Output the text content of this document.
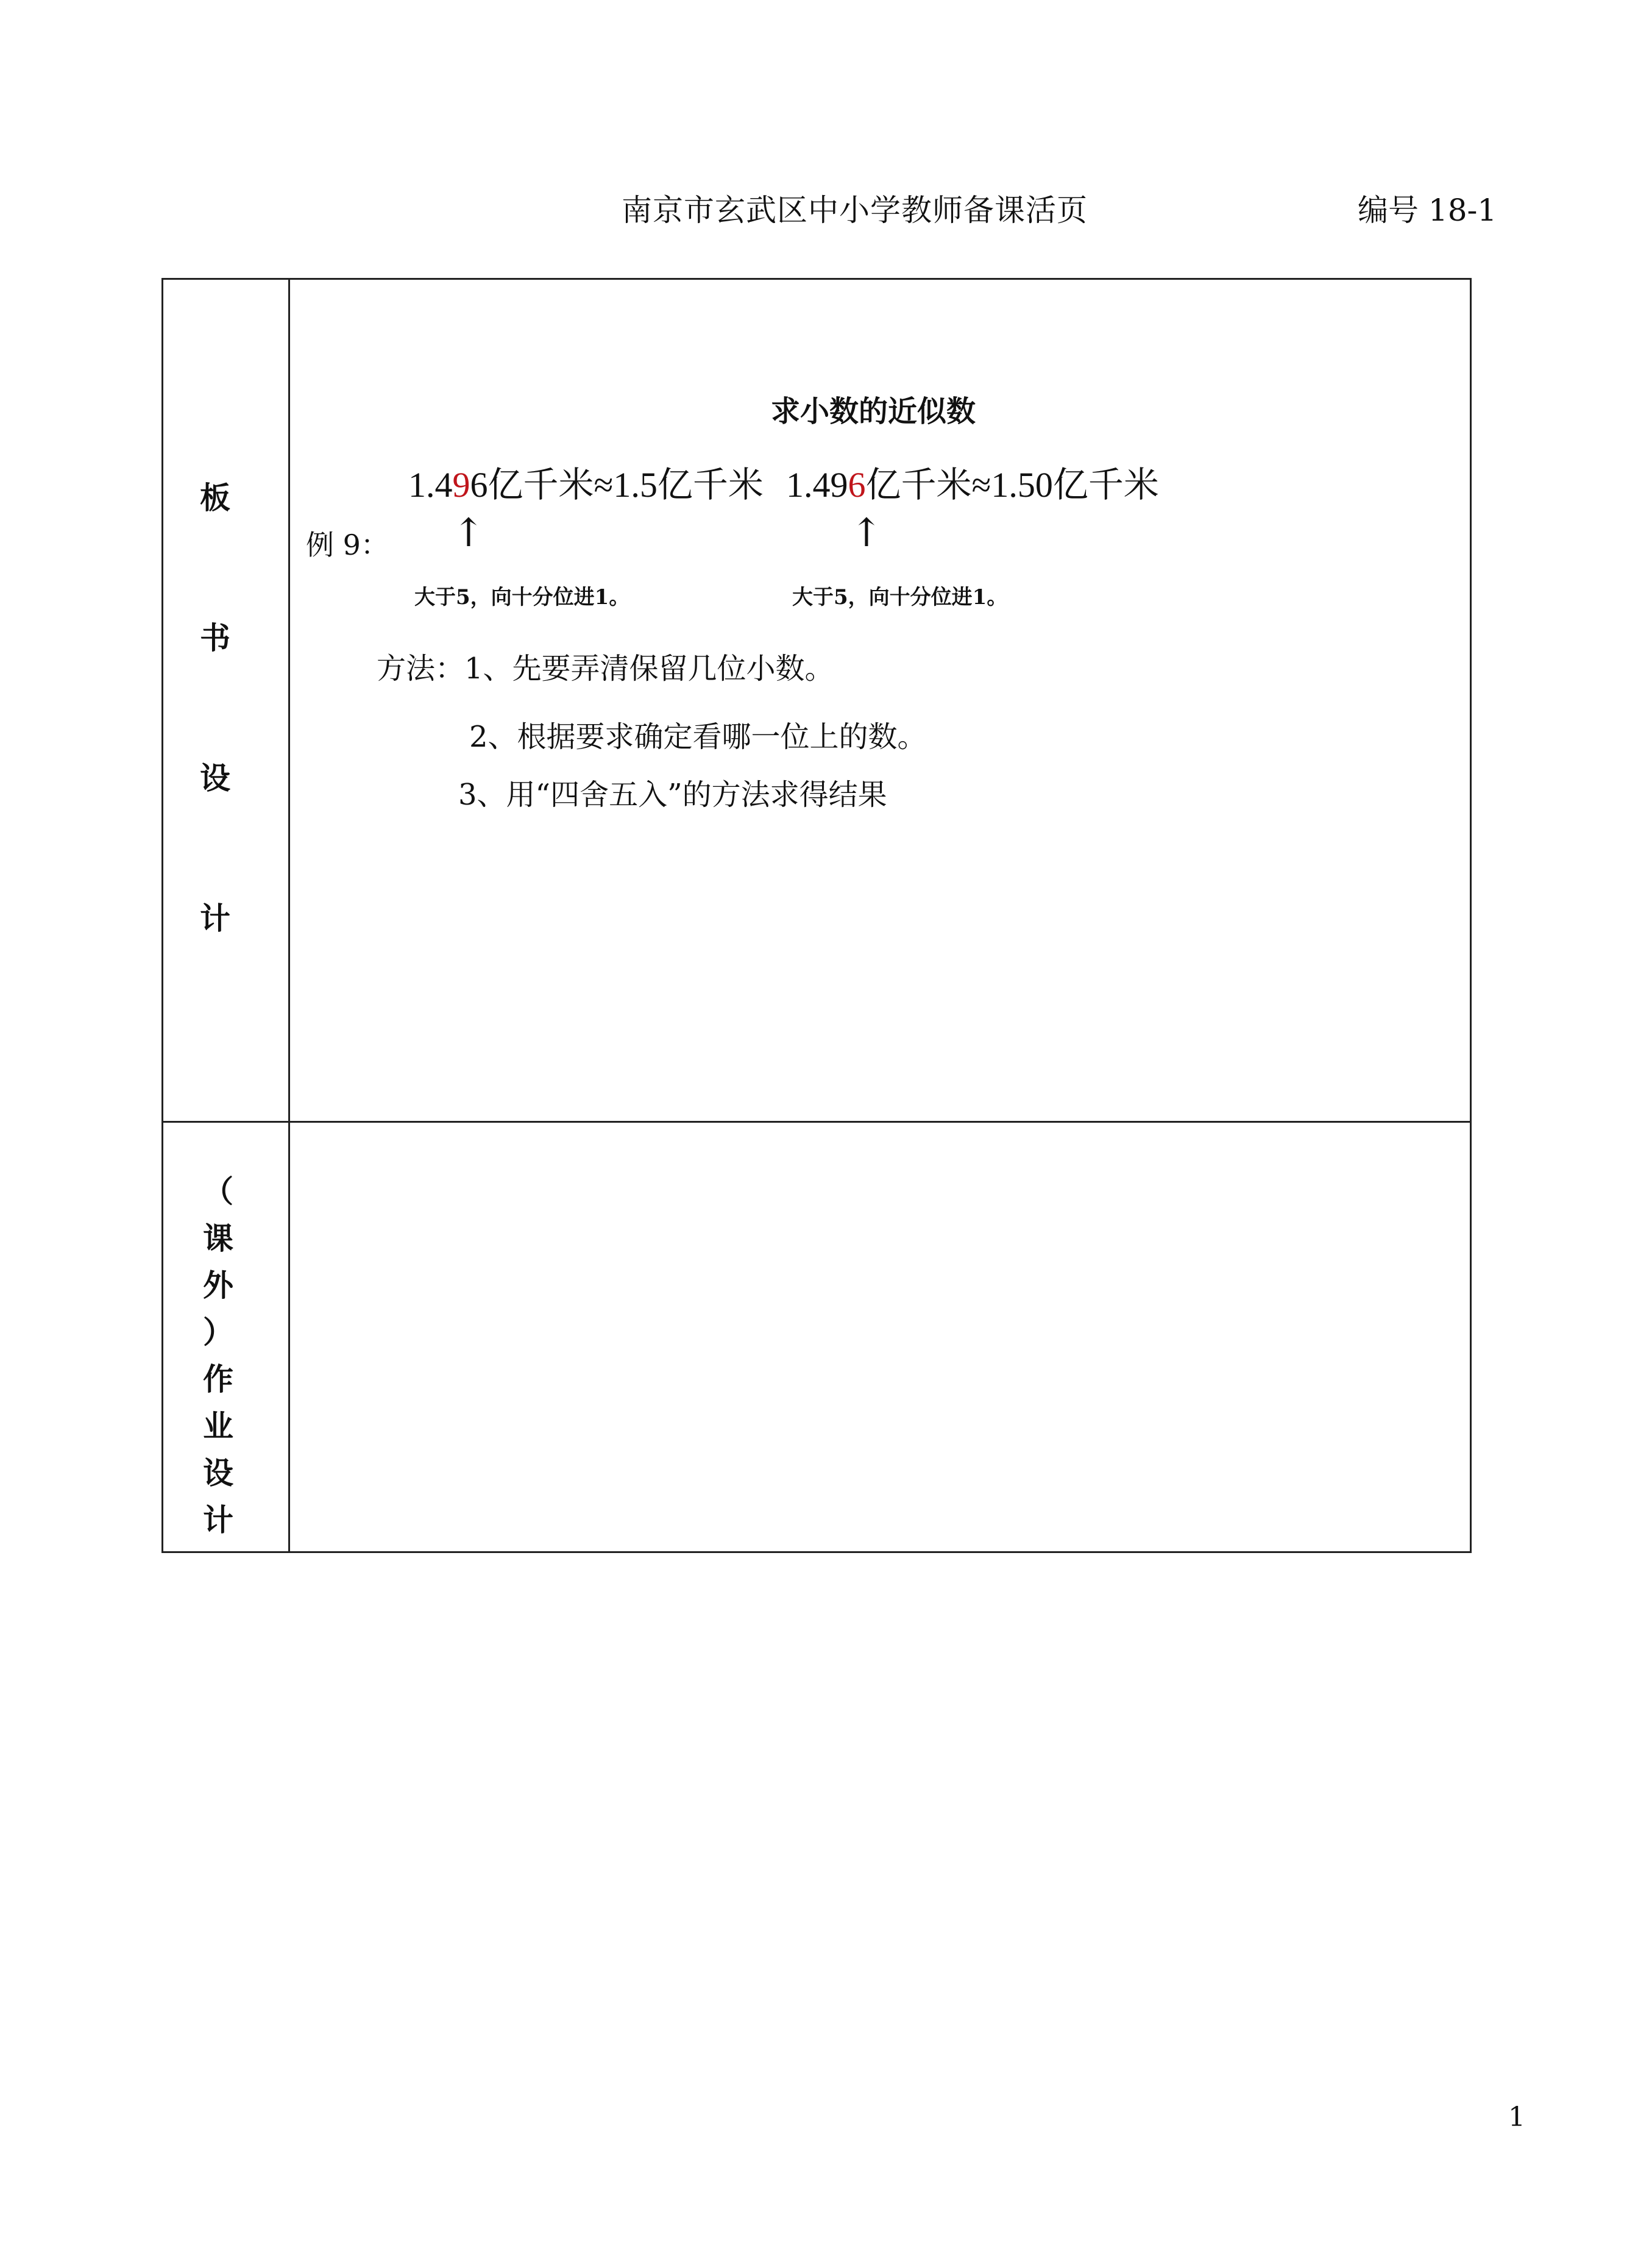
南京市玄武区中小学教师备课活页	编号 18-1
板
书
设
计
（
课
外
）
作
业
设
计
求小数的近似数
1.496亿千米≈1.5亿千米 1.496亿千米≈1.50亿千米
例 9： ↑	↑
大于5，向十分位进1。	大于5，向十分位进1。
方法：1、先要弄清保留几位小数。
2、根据要求确定看哪一位上的数。
3、用“四舍五入”的方法求得结果
1
